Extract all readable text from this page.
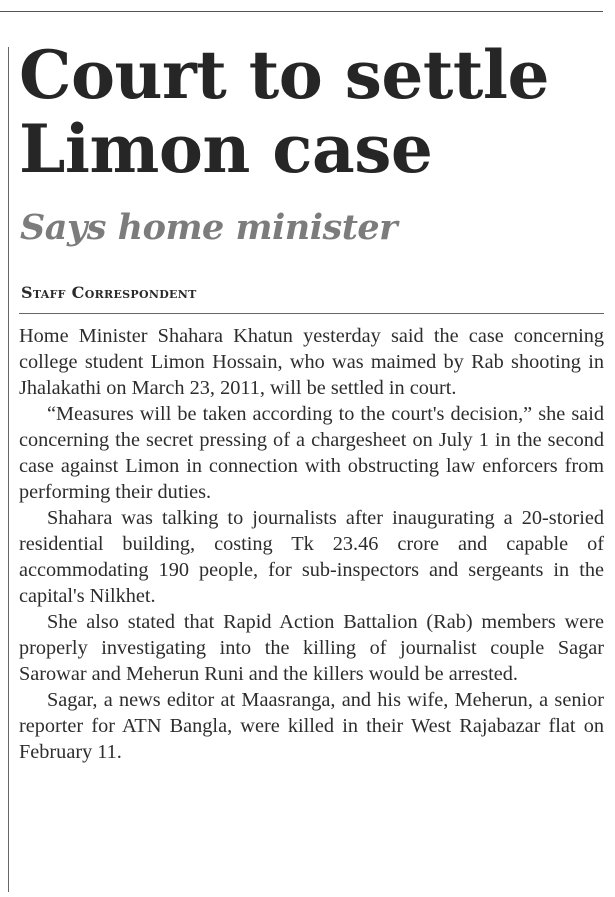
Court to settle Limon case
Says home minister
Staff Correspondent

Home Minister Shahara Khatun yesterday said the case concerning college student Limon Hossain, who was maimed by Rab shooting in Jhalakathi on March 23, 2011, will be settled in court.

“Measures will be taken according to the court's decision,” she said concerning the secret pressing of a chargesheet on July 1 in the second case against Limon in connection with obstructing law enforcers from performing their duties.

Shahara was talking to journalists after inaugurating a 20-storied residential building, costing Tk 23.46 crore and capable of accommodating 190 people, for sub-inspectors and sergeants in the capital's Nilkhet.

She also stated that Rapid Action Battalion (Rab) members were properly investigating into the killing of journalist couple Sagar Sarowar and Meherun Runi and the killers would be arrested.

Sagar, a news editor at Maasranga, and his wife, Meherun, a senior reporter for ATN Bangla, were killed in their West Rajabazar flat on February 11.
